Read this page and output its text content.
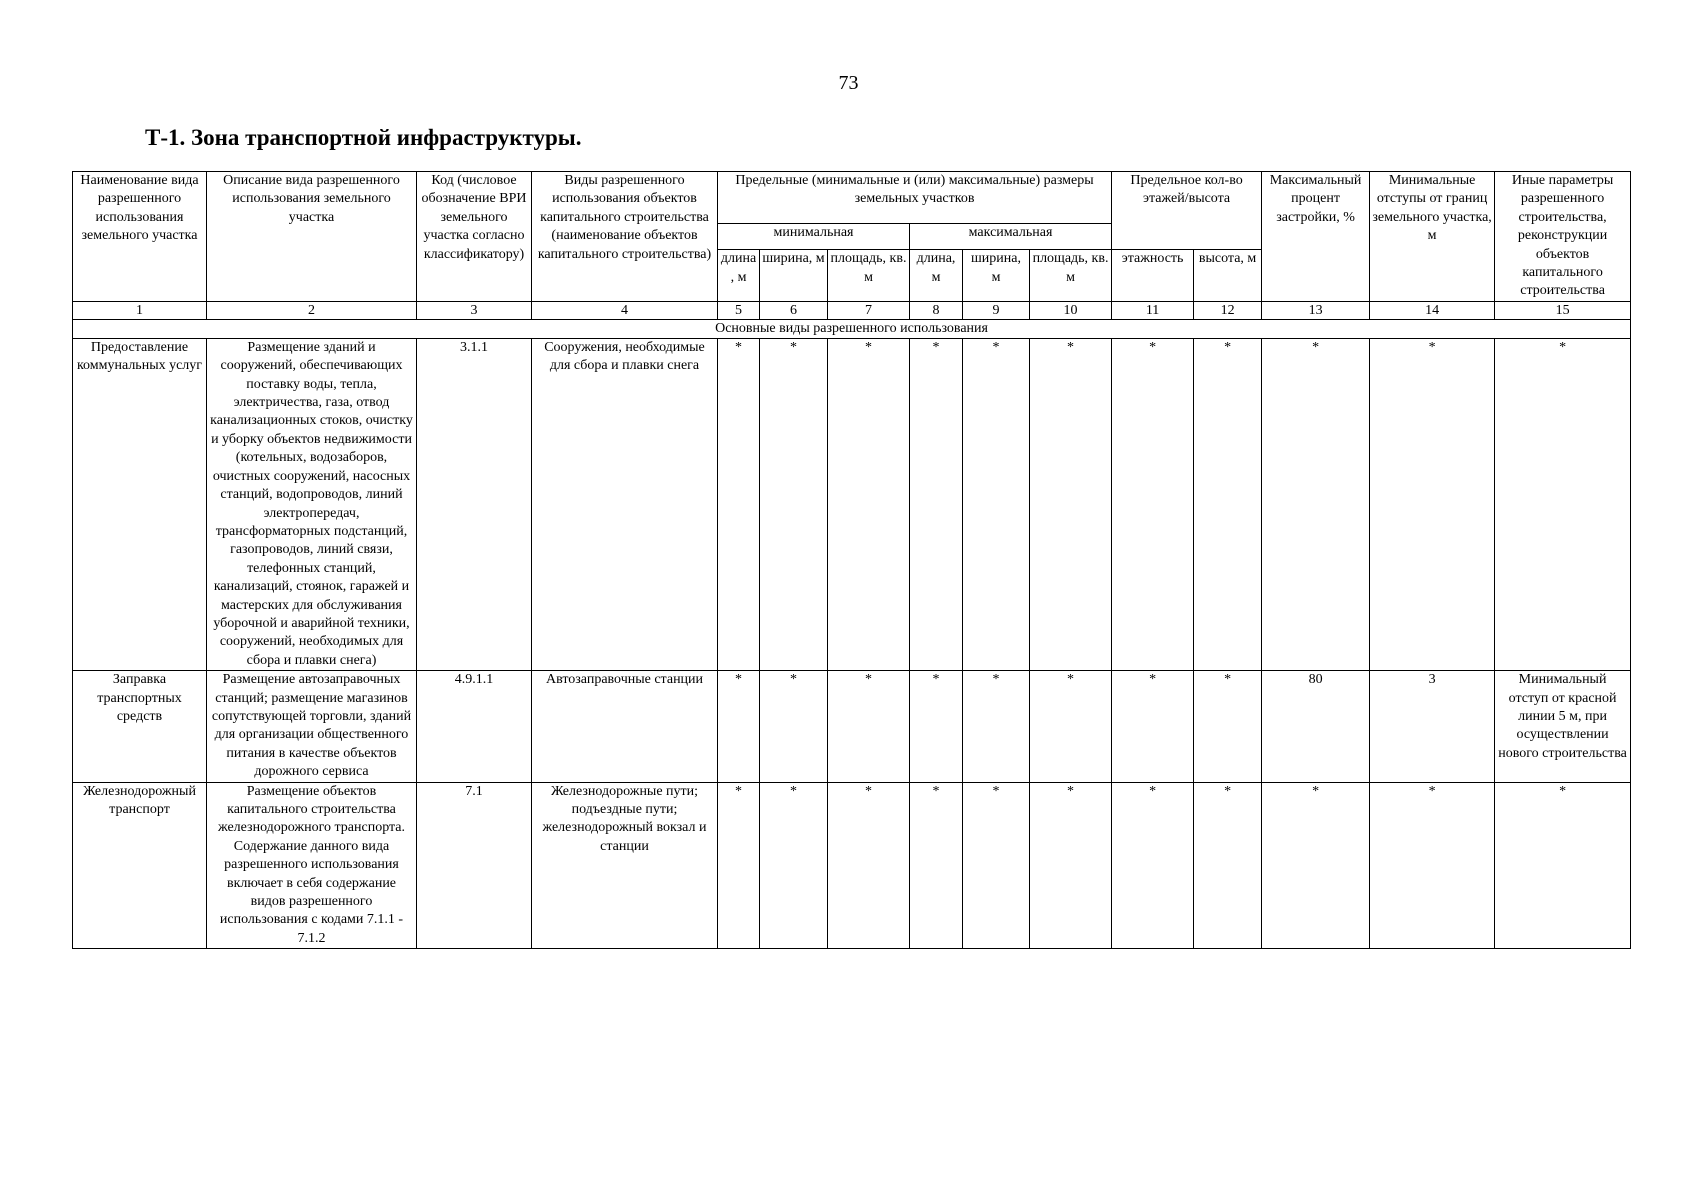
73
Т-1. Зона транспортной инфраструктуры.
Наименование вида разрешенного использования земельного участка	Описание вида разрешенного использования земельного участка	Код (числовое обозначение ВРИ земельного участка согласно классификатору)	Виды разрешенного использования объектов капитального строительства (наименование объектов капитального строительства)	Предельные (минимальные и (или) максимальные) размеры земельных участков						Предельное кол-во этажей/высота		Максимальный процент застройки, %	Минимальные отступы от границ земельного участка, м	Иные параметры разрешенного строительства, реконструкции объектов капитального строительства
				минимальная			максимальная							
				длина, м	ширина, м	площадь, кв. м	длина, м	ширина, м	площадь, кв. м	этажность	высота, м			
1	2	3	4	5	6	7	8	9	10	11	12	13	14	15
Основные виды разрешенного использования														
Предоставление коммунальных услуг	Размещение зданий и сооружений, обеспечивающих поставку воды, тепла, электричества, газа, отвод канализационных стоков, очистку и уборку объектов недвижимости (котельных, водозаборов, очистных сооружений, насосных станций, водопроводов, линий электропередач, трансформаторных подстанций, газопроводов, линий связи, телефонных станций, канализаций, стоянок, гаражей и мастерских для обслуживания уборочной и аварийной техники, сооружений, необходимых для сбора и плавки снега)	3.1.1	Сооружения, необходимые для сбора и плавки снега	*	*	*	*	*	*	*	*	*	*	*
Заправка транспортных средств	Размещение автозаправочных станций; размещение магазинов сопутствующей торговли, зданий для организации общественного питания в качестве объектов дорожного сервиса	4.9.1.1	Автозаправочные станции	*	*	*	*	*	*	*	*	80	3	Минимальный отступ от красной линии 5 м, при осуществлении нового строительства
Железнодорожный транспорт	Размещение объектов капитального строительства железнодорожного транспорта. Содержание данного вида разрешенного использования включает в себя содержание видов разрешенного использования с кодами 7.1.1 - 7.1.2	7.1	Железнодорожные пути; подъездные пути; железнодорожный вокзал и станции	*	*	*	*	*	*	*	*	*	*	*
